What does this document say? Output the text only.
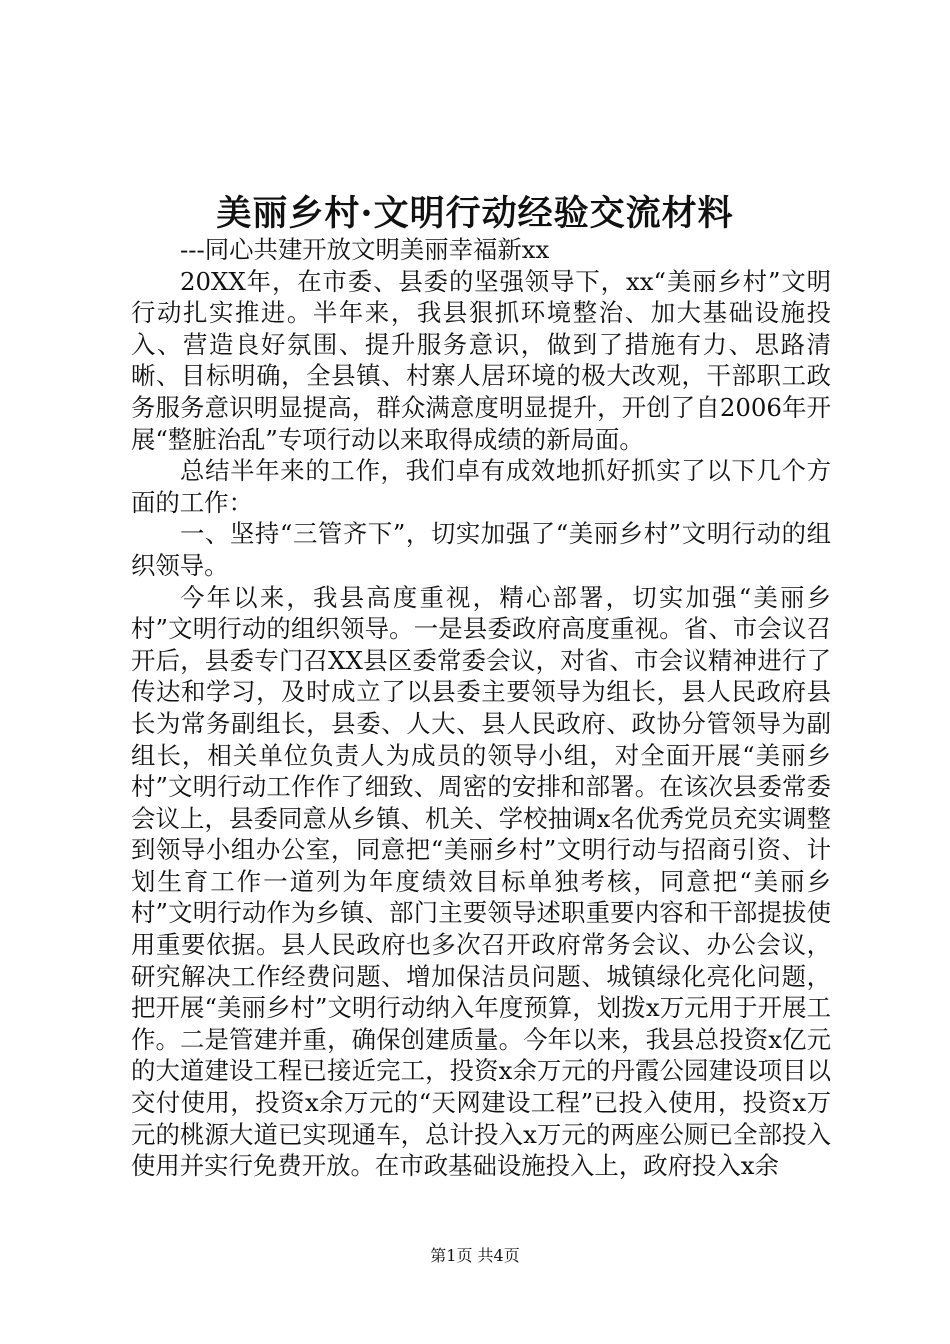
美丽乡村·文明行动经验交流材料

---同心共建开放文明美丽幸福新xx

20XX年，在市委、县委的坚强领导下，xx“美丽乡村”文明行动扎实推进。半年来，我县狠抓环境整治、加大基础设施投入、营造良好氛围、提升服务意识，做到了措施有力、思路清晰、目标明确，全县镇、村寨人居环境的极大改观，干部职工政务服务意识明显提高，群众满意度明显提升，开创了自2006年开展“整脏治乱”专项行动以来取得成绩的新局面。

总结半年来的工作，我们卓有成效地抓好抓实了以下几个方面的工作：

一、坚持“三管齐下”，切实加强了“美丽乡村”文明行动的组织领导。

今年以来，我县高度重视，精心部署，切实加强“美丽乡村”文明行动的组织领导。一是县委政府高度重视。省、市会议召开后，县委专门召XX县区委常委会议，对省、市会议精神进行了传达和学习，及时成立了以县委主要领导为组长，县人民政府县长为常务副组长，县委、人大、县人民政府、政协分管领导为副组长，相关单位负责人为成员的领导小组，对全面开展“美丽乡村”文明行动工作作了细致、周密的安排和部署。在该次县委常委会议上，县委同意从乡镇、机关、学校抽调x名优秀党员充实调整到领导小组办公室，同意把“美丽乡村”文明行动与招商引资、计划生育工作一道列为年度绩效目标单独考核，同意把“美丽乡村”文明行动作为乡镇、部门主要领导述职重要内容和干部提拔使用重要依据。县人民政府也多次召开政府常务会议、办公会议，研究解决工作经费问题、增加保洁员问题、城镇绿化亮化问题，把开展“美丽乡村”文明行动纳入年度预算，划拨x万元用于开展工作。二是管建并重，确保创建质量。今年以来，我县总投资x亿元的大道建设工程已接近完工，投资x余万元的丹霞公园建设项目以交付使用，投资x余万元的“天网建设工程”已投入使用，投资x万元的桃源大道已实现通车，总计投入x万元的两座公厕已全部投入使用并实行免费开放。在市政基础设施投入上，政府投入x余

第1页 共4页
